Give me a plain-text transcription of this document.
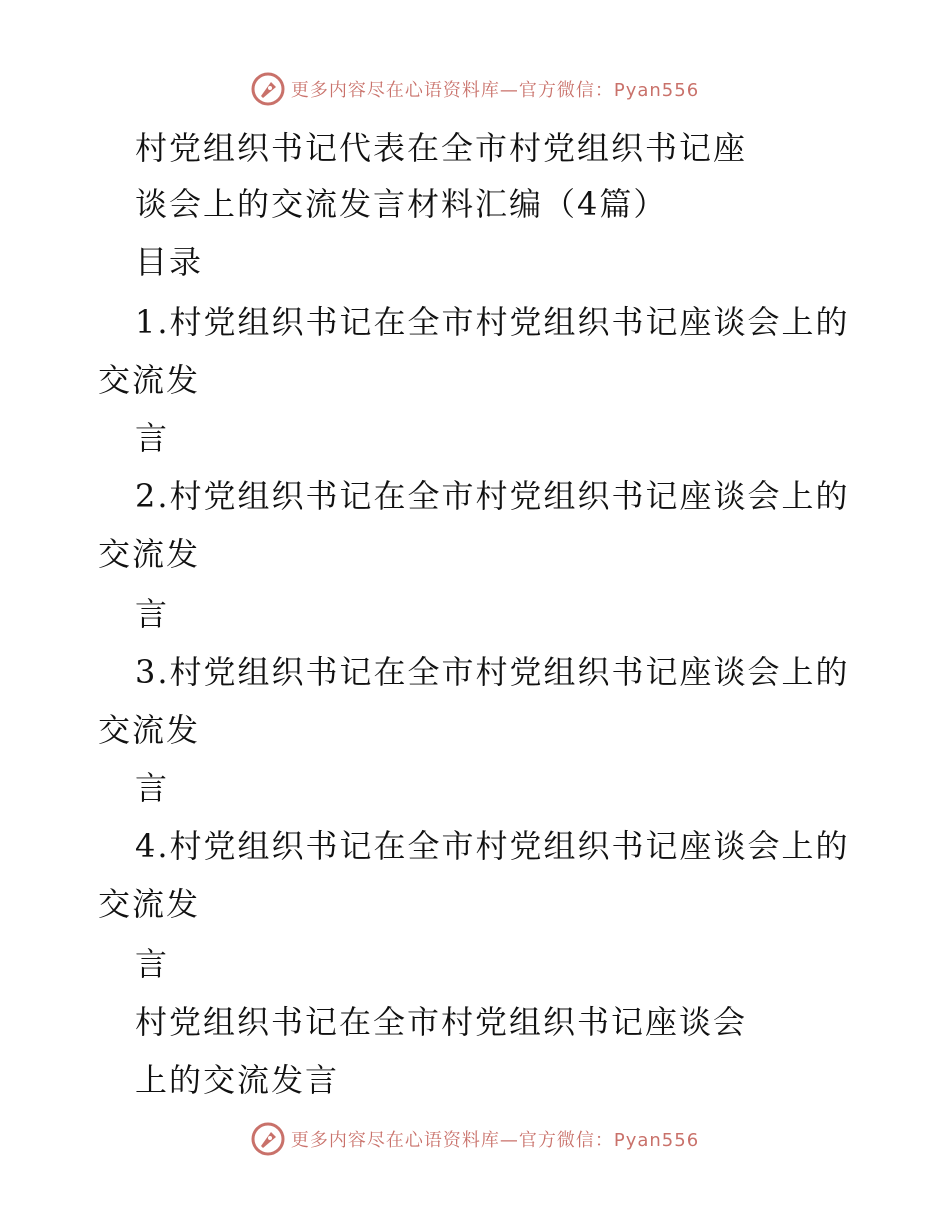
更多内容尽在心语资料库—官方微信：Pyan556
村党组织书记代表在全市村党组织书记座
谈会上的交流发言材料汇编（4篇）
目录
1.村党组织书记在全市村党组织书记座谈会上的
交流发
言
2.村党组织书记在全市村党组织书记座谈会上的
交流发
言
3.村党组织书记在全市村党组织书记座谈会上的
交流发
言
4.村党组织书记在全市村党组织书记座谈会上的
交流发
言
村党组织书记在全市村党组织书记座谈会
上的交流发言
更多内容尽在心语资料库—官方微信：Pyan556
